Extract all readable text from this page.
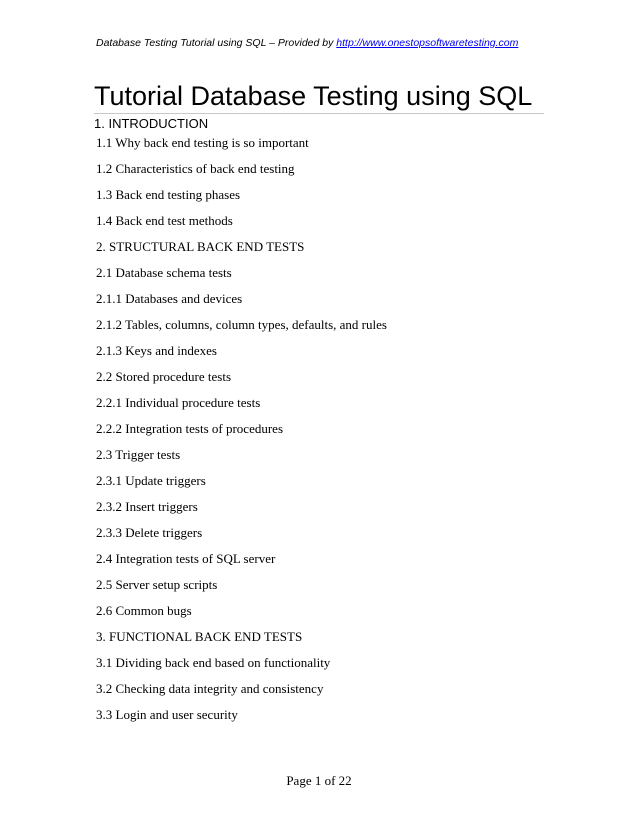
Database Testing Tutorial using SQL – Provided by http://www.onestopsoftwaretesting.com
Tutorial Database Testing using SQL
1. INTRODUCTION
1.1 Why back end testing is so important
1.2 Characteristics of back end testing
1.3 Back end testing phases
1.4 Back end test methods
2. STRUCTURAL BACK END TESTS
2.1 Database schema tests
2.1.1 Databases and devices
2.1.2 Tables, columns, column types, defaults, and rules
2.1.3 Keys and indexes
2.2 Stored procedure tests
2.2.1 Individual procedure tests
2.2.2 Integration tests of procedures
2.3 Trigger tests
2.3.1 Update triggers
2.3.2 Insert triggers
2.3.3 Delete triggers
2.4 Integration tests of SQL server
2.5 Server setup scripts
2.6 Common bugs
3. FUNCTIONAL BACK END TESTS
3.1 Dividing back end based on functionality
3.2 Checking data integrity and consistency
3.3 Login and user security
Page 1 of 22
